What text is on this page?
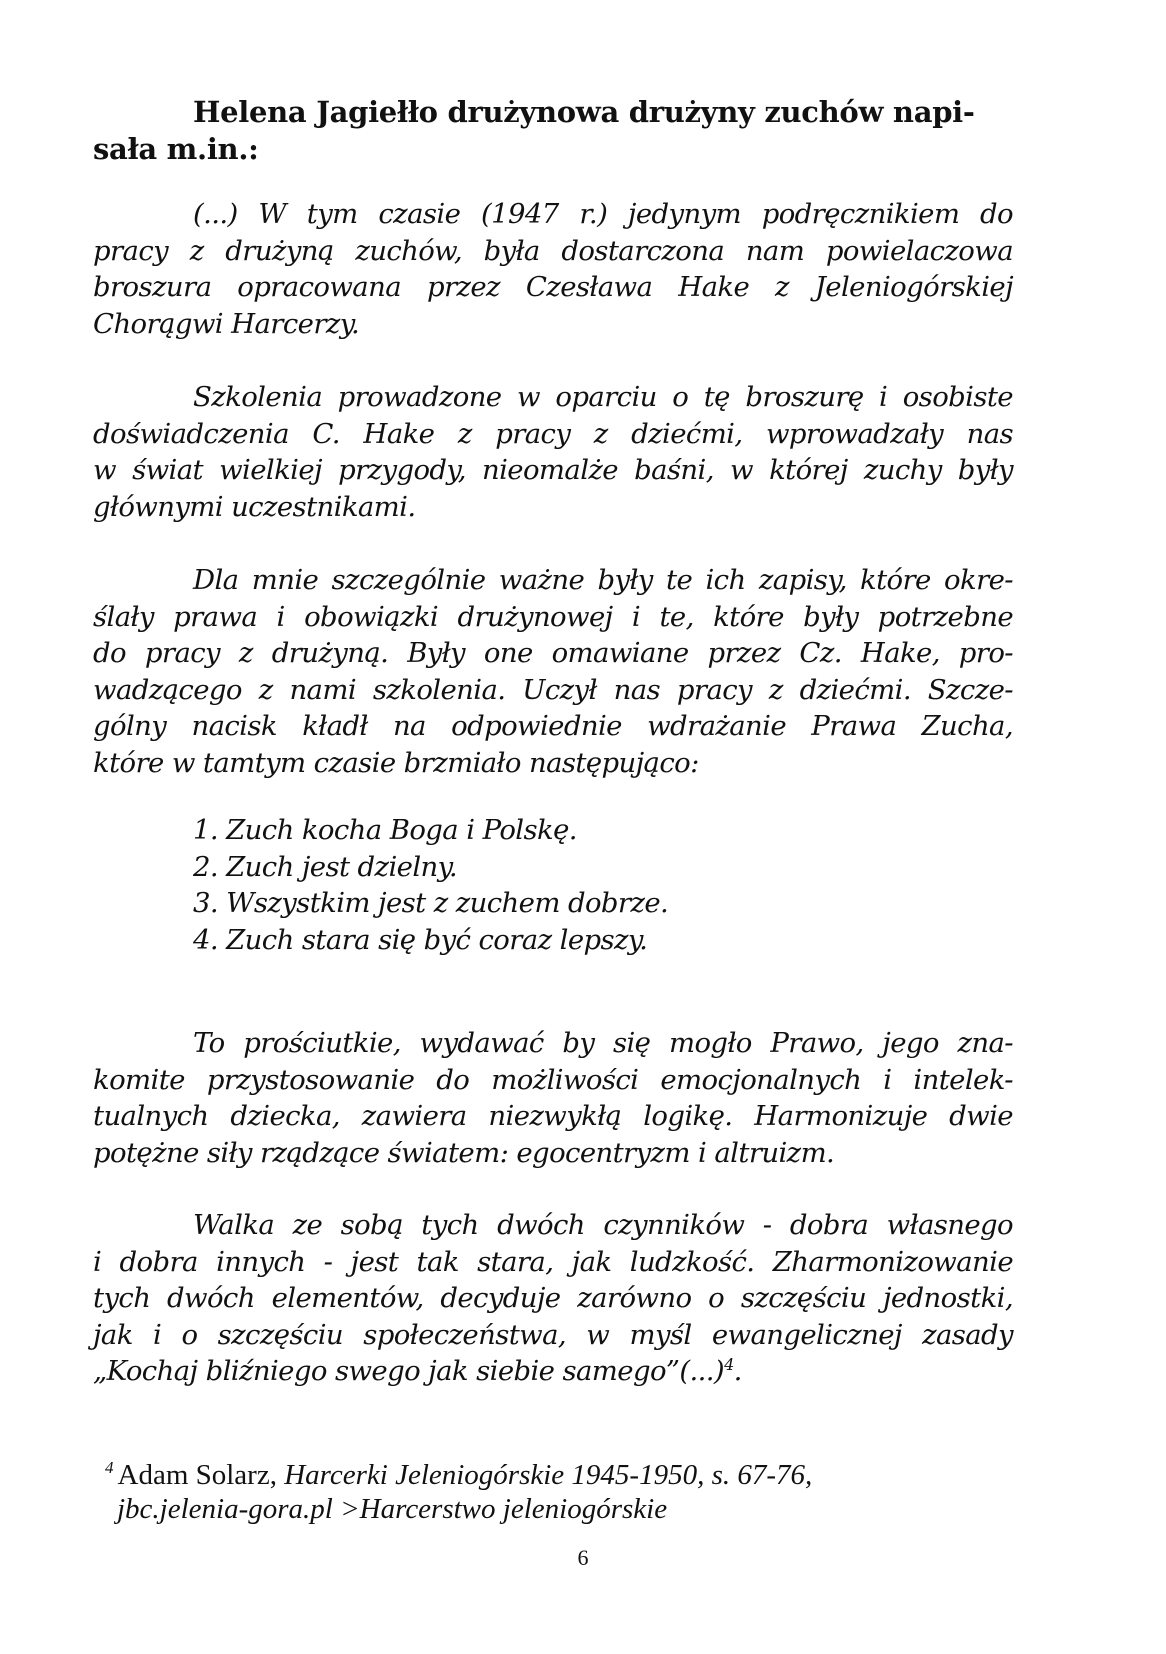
Helena Jagiełło drużynowa drużyny zuchów napi-
sała m.in.:
(...) W tym czasie (1947 r.) jedynym podręcznikiem do
pracy z drużyną zuchów, była dostarczona nam powielaczowa
broszura opracowana przez Czesława Hake z Jeleniogórskiej
Chorągwi Harcerzy.
Szkolenia prowadzone w oparciu o tę broszurę i osobiste
doświadczenia C. Hake z pracy z dziećmi, wprowadzały nas
w świat wielkiej przygody, nieomalże baśni, w której zuchy były
głównymi uczestnikami.
Dla mnie szczególnie ważne były te ich zapisy, które okre-
ślały prawa i obowiązki drużynowej i te, które były potrzebne
do pracy z drużyną. Były one omawiane przez Cz. Hake, pro-
wadzącego z nami szkolenia. Uczył nas pracy z dziećmi. Szcze-
gólny nacisk kładł na odpowiednie wdrażanie Prawa Zucha,
które w tamtym czasie brzmiało następująco:
1. Zuch kocha Boga i Polskę.
2. Zuch jest dzielny.
3. Wszystkim jest z zuchem dobrze.
4. Zuch stara się być coraz lepszy.
To prościutkie, wydawać by się mogło Prawo, jego zna-
komite przystosowanie do możliwości emocjonalnych i intelek-
tualnych dziecka, zawiera niezwykłą logikę. Harmonizuje dwie
potężne siły rządzące światem: egocentryzm i altruizm.
Walka ze sobą tych dwóch czynników - dobra własnego
i dobra innych - jest tak stara, jak ludzkość. Zharmonizowanie
tych dwóch elementów, decyduje zarówno o szczęściu jednostki,
jak i o szczęściu społeczeństwa, w myśl ewangelicznej zasady
„Kochaj bliźniego swego jak siebie samego”(...)$^4$.
$^4$ Adam Solarz, Harcerki Jeleniogórskie 1945-1950, s. 67-76,
jbc.jelenia-gora.pl >Harcerstwo jeleniogórskie
6
